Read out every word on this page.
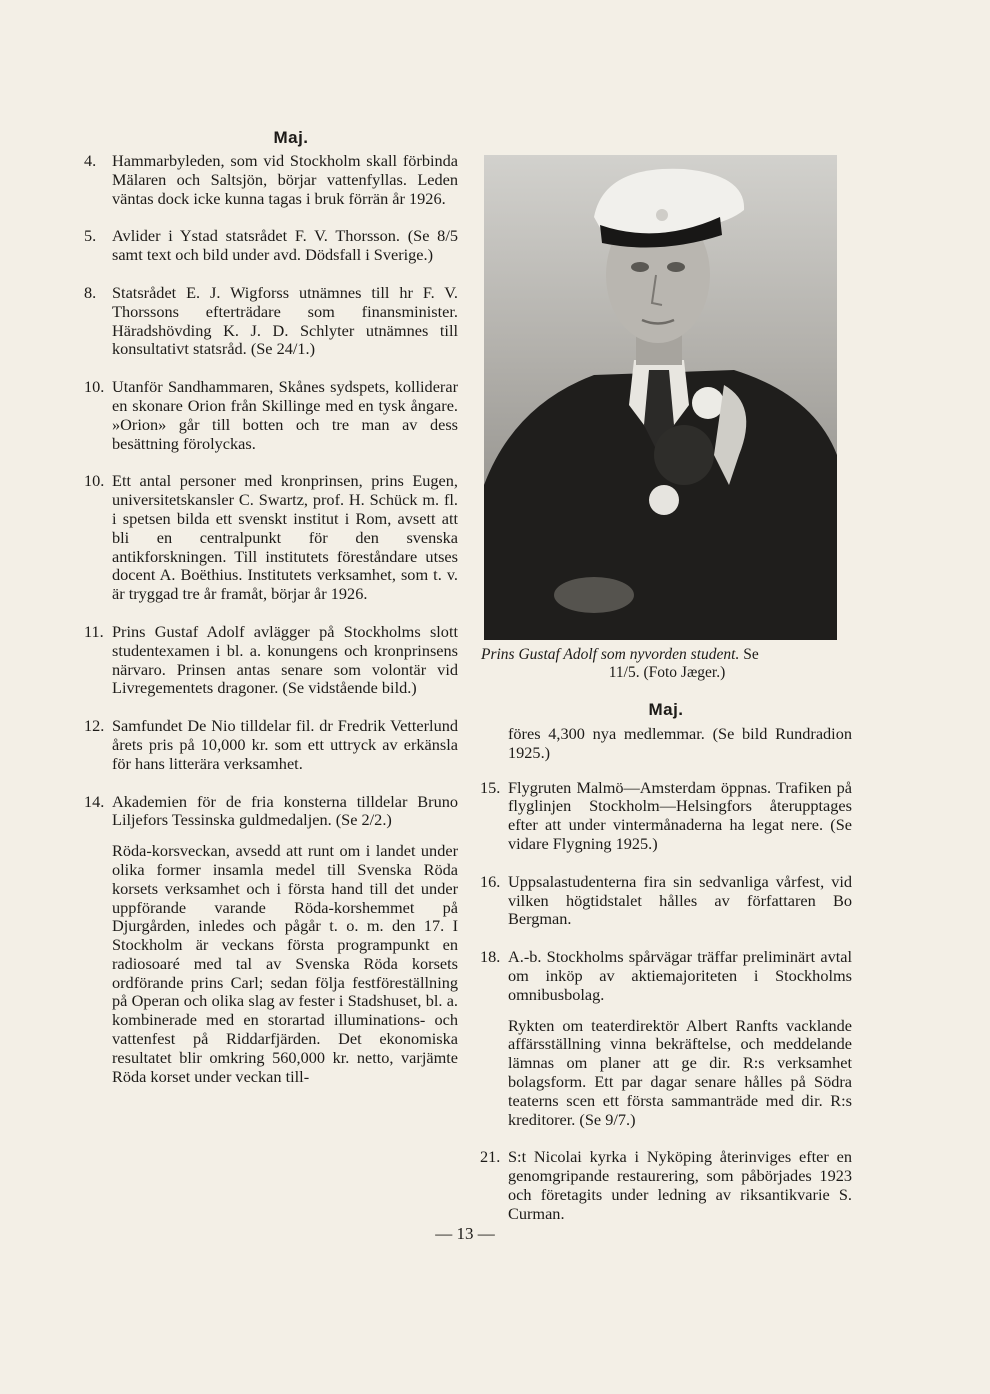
Maj.
4. Hammarbyleden, som vid Stockholm skall förbinda Mälaren och Saltsjön, börjar vattenfyllas. Leden väntas dock icke kunna tagas i bruk förrän år 1926.

5. Avlider i Ystad statsrådet F. V. Thorsson. (Se 8/5 samt text och bild under avd. Dödsfall i Sverige.)

8. Statsrådet E. J. Wigforss utnämnes till hr F. V. Thorssons efterträdare som finansminister. Häradshövding K. J. D. Schlyter utnämnes till konsultativt statsråd. (Se 24/1.)

10. Utanför Sandhammaren, Skånes sydspets, kolliderar en skonare Orion från Skillinge med en tysk ångare. »Orion» går till botten och tre man av dess besättning förolyckas.

10. Ett antal personer med kronprinsen, prins Eugen, universitetskansler C. Swartz, prof. H. Schück m. fl. i spetsen bilda ett svenskt institut i Rom, avsett att bli en centralpunkt för den svenska antikforskningen. Till institutets föreståndare utses docent A. Boëthius. Institutets verksamhet, som t. v. är tryggad tre år framåt, börjar år 1926.

11. Prins Gustaf Adolf avlägger på Stockholms slott studentexamen i bl. a. konungens och kronprinsens närvaro. Prinsen antas senare som volontär vid Livregementets dragoner. (Se vidstående bild.)

12. Samfundet De Nio tilldelar fil. dr Fredrik Vetterlund årets pris på 10,000 kr. som ett uttryck av erkänsla för hans litterära verksamhet.

14. Akademien för de fria konsterna tilldelar Bruno Liljefors Tessinska guldmedaljen. (Se 2/2.)

Röda-korsveckan, avsedd att runt om i landet under olika former insamla medel till Svenska Röda korsets verksamhet och i första hand till det under uppförande varande Röda-korshemmet på Djurgården, inledes och pågår t. o. m. den 17. I Stockholm är veckans första programpunkt en radiosoaré med tal av Svenska Röda korsets ordförande prins Carl; sedan följa festföreställning på Operan och olika slag av fester i Stadshuset, bl. a. kombinerade med en storartad illuminations- och vattenfest på Riddarfjärden. Det ekonomiska resultatet blir omkring 560,000 kr. netto, varjämte Röda korset under veckan till-

Prins Gustaf Adolf som nyvorden student. Se
11/5. (Foto Jæger.)
Maj.

föres 4,300 nya medlemmar. (Se bild Rundradion 1925.)

15. Flygruten Malmö—Amsterdam öppnas. Trafiken på flyglinjen Stockholm—Helsingfors återupptages efter att under vintermånaderna ha legat nere. (Se vidare Flygning 1925.)

16. Uppsalastudenterna fira sin sedvanliga vårfest, vid vilken högtidstalet hålles av författaren Bo Bergman.

18. A.-b. Stockholms spårvägar träffar preliminärt avtal om inköp av aktiemajoriteten i Stockholms omnibusbolag.

Rykten om teaterdirektör Albert Ranfts vacklande affärsställning vinna bekräftelse, och meddelande lämnas om planer att ge dir. R:s verksamhet bolagsform. Ett par dagar senare hålles på Södra teaterns scen ett första sammanträde med dir. R:s kreditorer. (Se 9/7.)

21. S:t Nicolai kyrka i Nyköping återinviges efter en genomgripande restaurering, som påbörjades 1923 och företagits under ledning av riksantikvarie S. Curman.

— 13 —
